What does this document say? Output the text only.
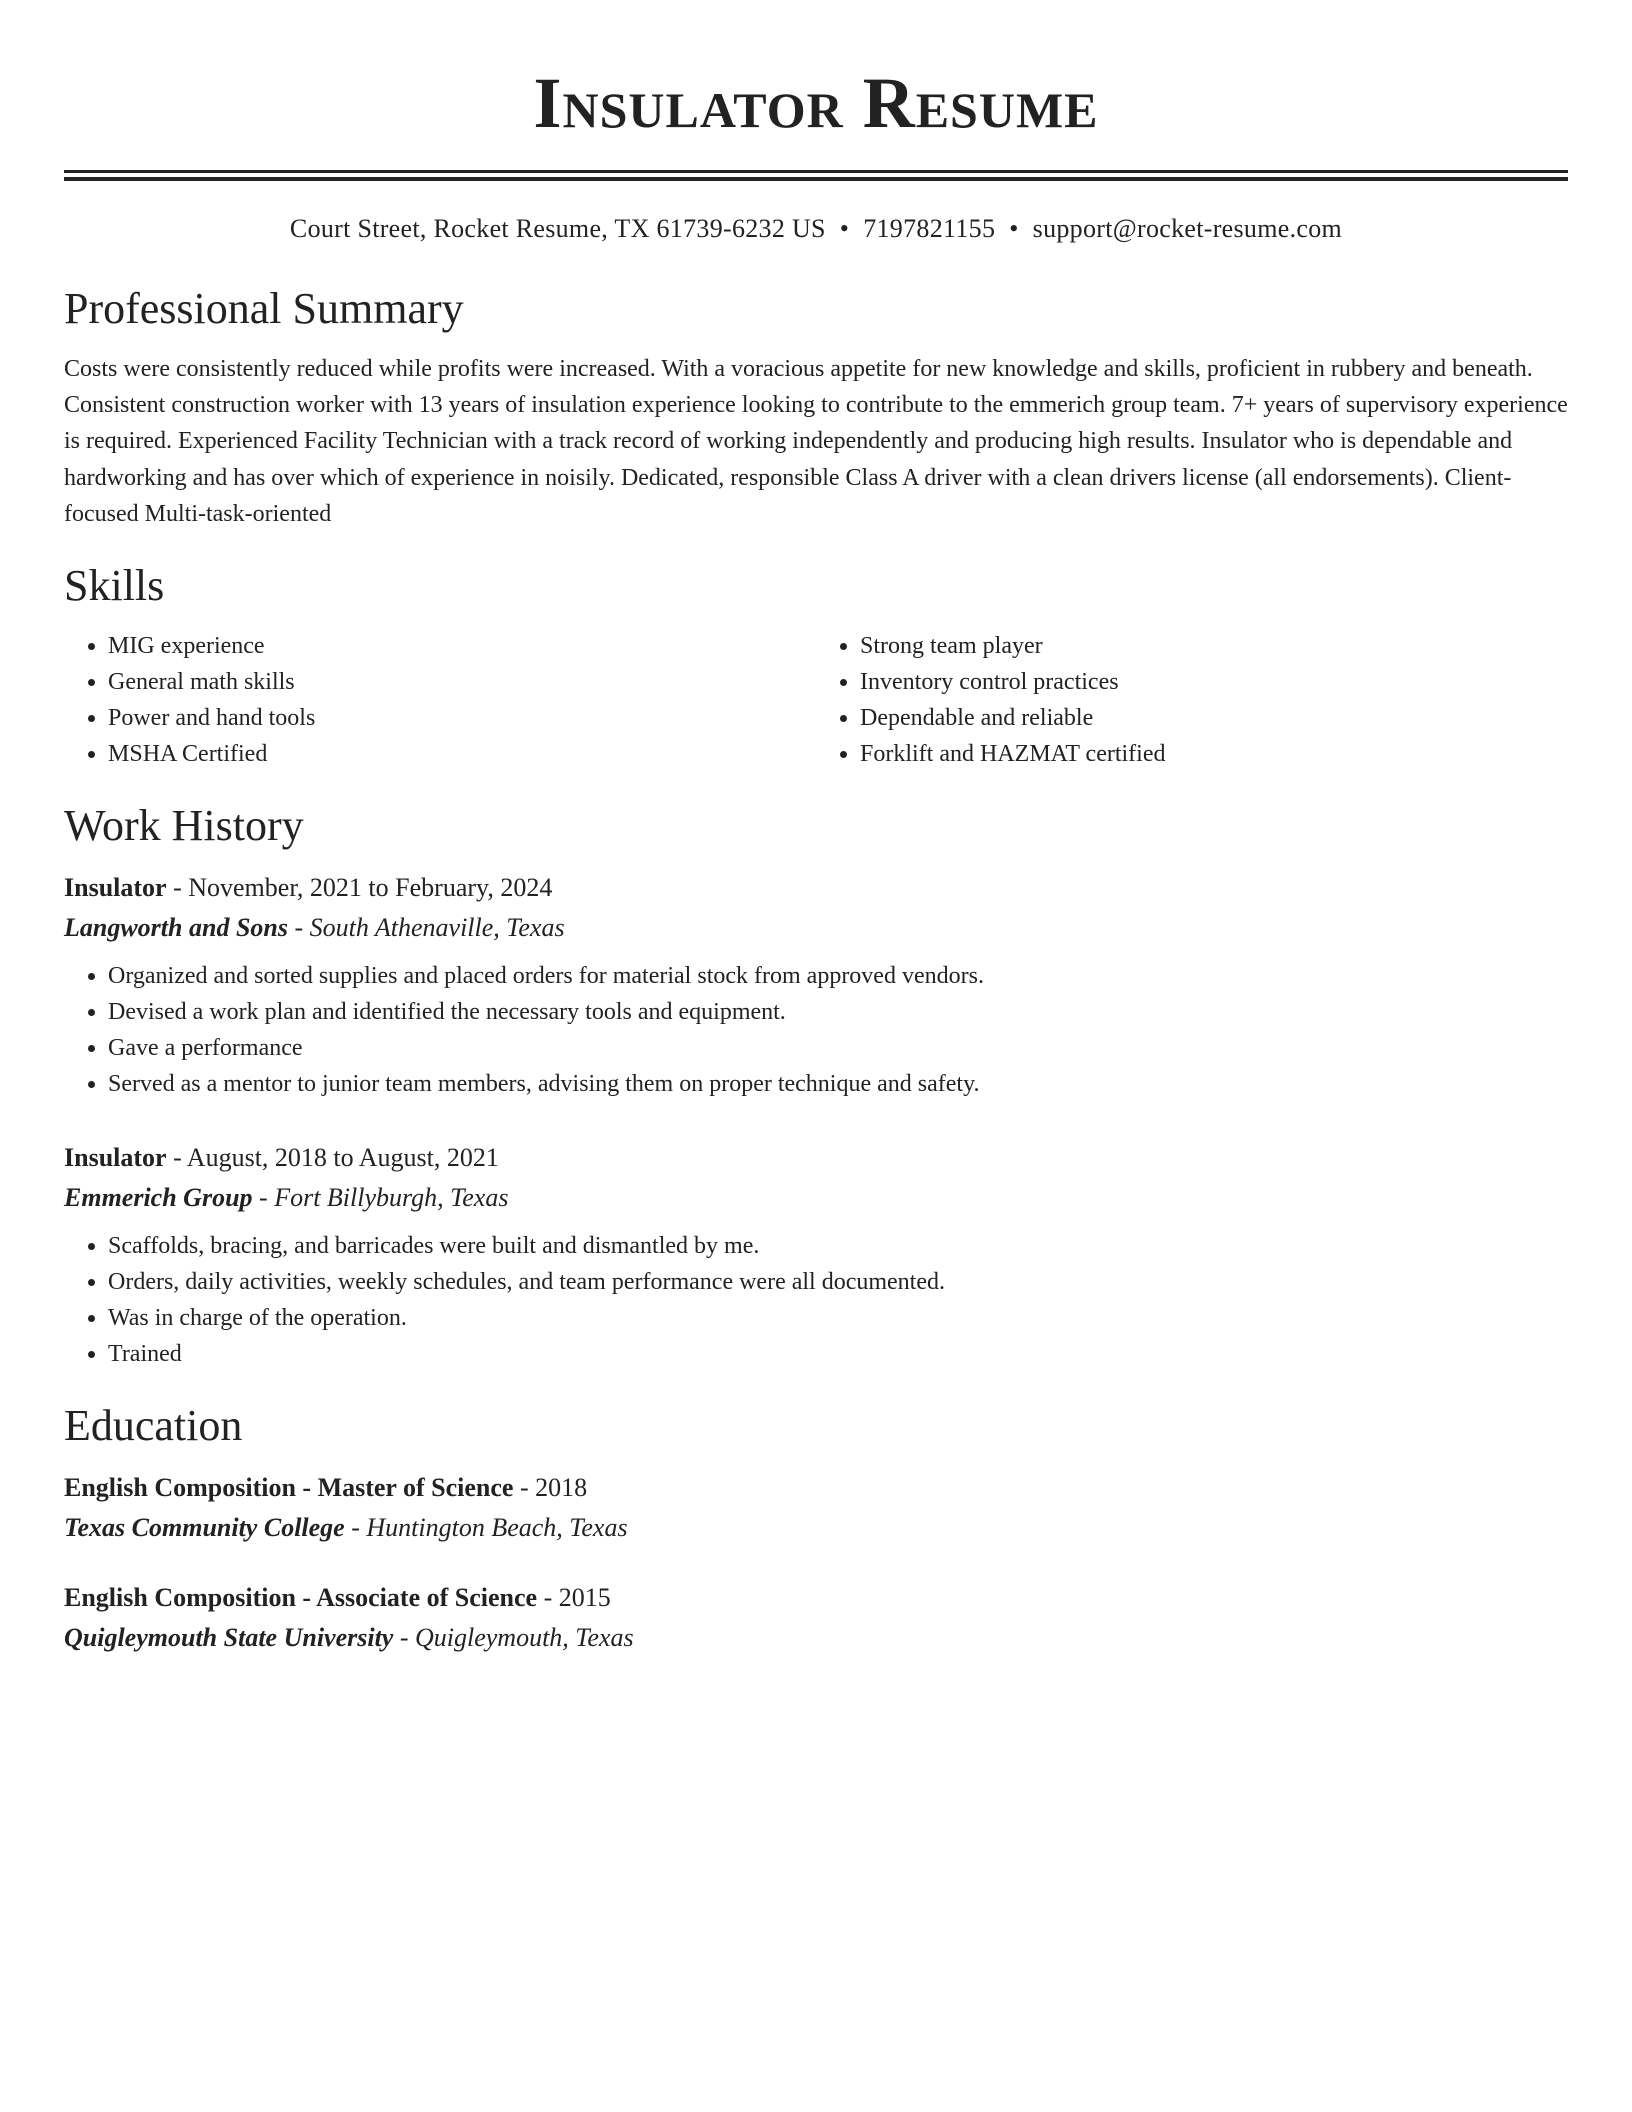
Insulator Resume
Court Street, Rocket Resume, TX 61739-6232 US • 7197821155 • support@rocket-resume.com
Professional Summary

Costs were consistently reduced while profits were increased. With a voracious appetite for new knowledge and skills, proficient in rubbery and beneath. Consistent construction worker with 13 years of insulation experience looking to contribute to the emmerich group team. 7+ years of supervisory experience is required. Experienced Facility Technician with a track record of working independently and producing high results. Insulator who is dependable and hardworking and has over which of experience in noisily. Dedicated, responsible Class A driver with a clean drivers license (all endorsements). Client-focused Multi-task-oriented

Skills
• MIG experience
• General math skills
• Power and hand tools
• MSHA Certified
• Strong team player
• Inventory control practices
• Dependable and reliable
• Forklift and HAZMAT certified
Work History
Insulator - November, 2021 to February, 2024
Langworth and Sons - South Athenaville, Texas
• Organized and sorted supplies and placed orders for material stock from approved vendors.
• Devised a work plan and identified the necessary tools and equipment.
• Gave a performance
• Served as a mentor to junior team members, advising them on proper technique and safety.
Insulator - August, 2018 to August, 2021
Emmerich Group - Fort Billyburgh, Texas
• Scaffolds, bracing, and barricades were built and dismantled by me.
• Orders, daily activities, weekly schedules, and team performance were all documented.
• Was in charge of the operation.
• Trained
Education
English Composition - Master of Science - 2018
Texas Community College - Huntington Beach, Texas
English Composition - Associate of Science - 2015
Quigleymouth State University - Quigleymouth, Texas
